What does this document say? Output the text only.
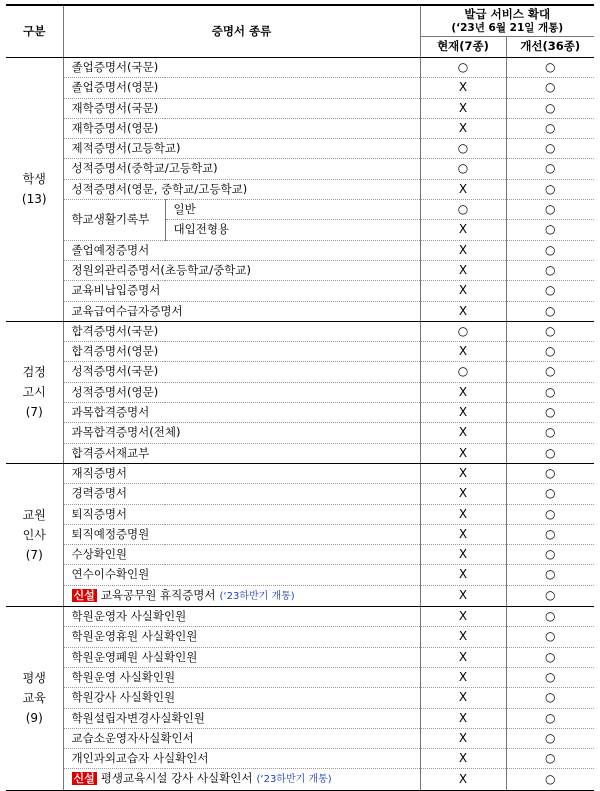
구분	증명서 종류		발급 서비스 확대
(‘23년 6월 21일 개통)	

			현재(7종)	개선(36종)

학생
(13)	졸업증명서(국문)		○	○
	졸업증명서(영문)		X	○
	재학증명서(국문)		X	○
	재학증명서(영문)		X	○
	제적증명서(고등학교)		○	○
	성적증명서(중학교/고등학교)		○	○
	성적증명서(영문, 중학교/고등학교)		X	○
	학교생활기록부	일반	○	○
		대입전형용	X	○
	졸업예정증명서		X	○
	정원외관리증명서(초등학교/중학교)		X	○
	교육비납입증명서		X	○
	교육급여수급자증명서		X	○

검정
고시
(7)	합격증명서(국문)		○	○
	합격증명서(영문)		X	○
	성적증명서(국문)		○	○
	성적증명서(영문)		X	○
	과목합격증명서		X	○
	과목합격증명서(전체)		X	○
	합격증서재교부		X	○

교원
인사
(7)	재직증명서		X	○
	경력증명서		X	○
	퇴직증명서		X	○
	퇴직예정증명원		X	○
	수상확인원		X	○
	연수이수확인원		X	○
	신설 교육공무원 휴직증명서 (‘23하반기 개통)		X	○

평생
교육
(9)	학원운영자 사실확인원		X	○
	학원운영휴원 사실확인원		X	○
	학원운영폐원 사실확인원		X	○
	학원운영 사실확인원		X	○
	학원강사 사실확인원		X	○
	학원설립자변경사실확인원		X	○
	교습소운영자사실확인서		X	○
	개인과외교습자 사실확인서		X	○
	신설 평생교육시설 강사 사실확인서 (‘23하반기 개통)		X	○
